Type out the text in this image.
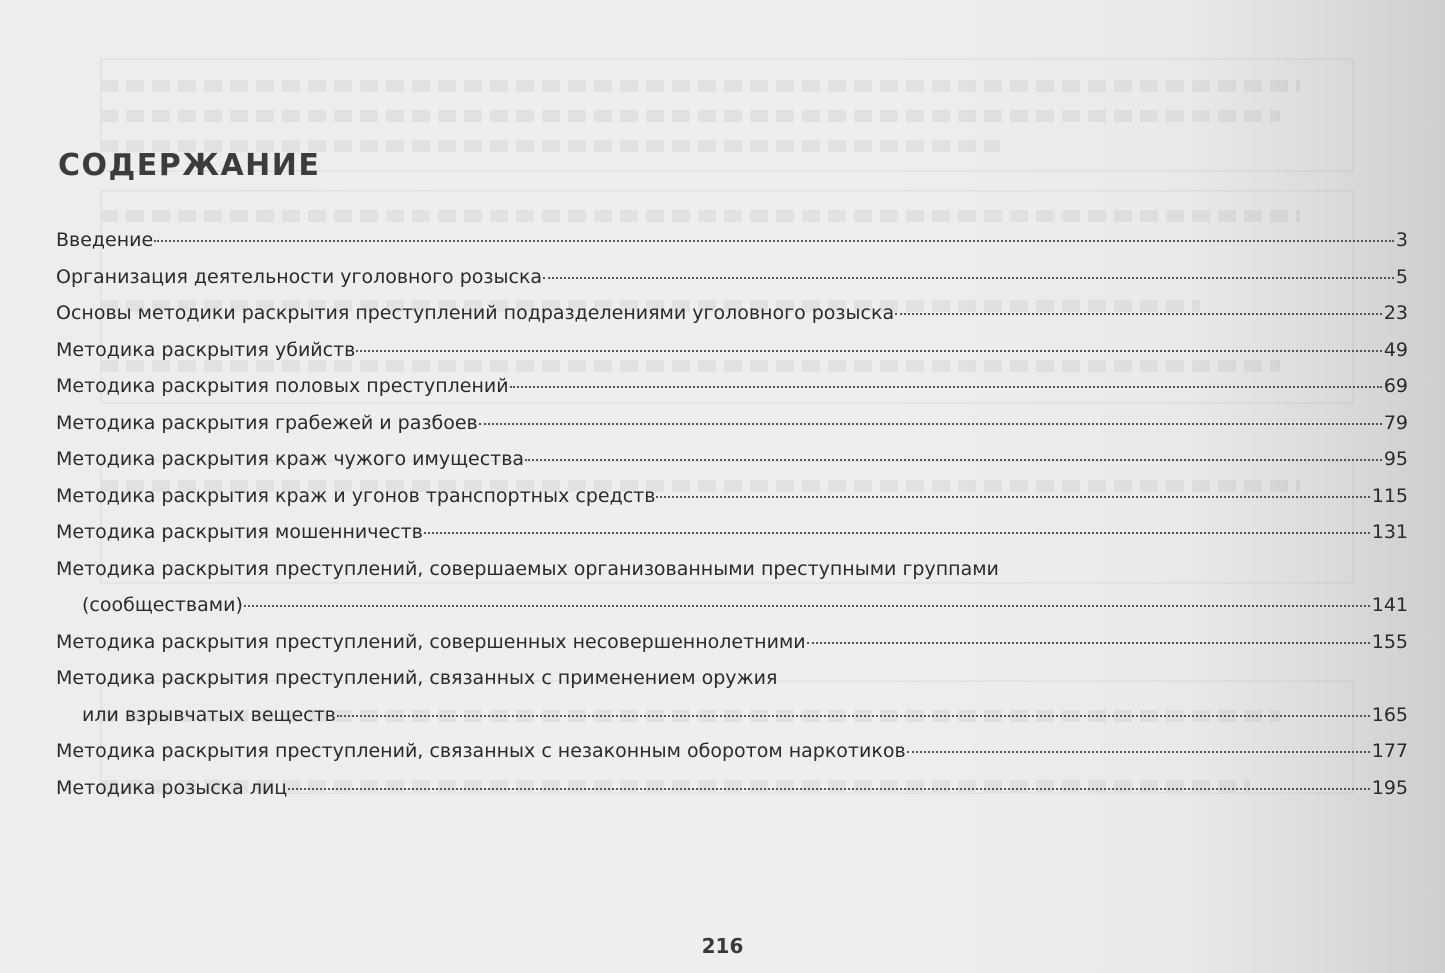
СОДЕРЖАНИЕ
Введение	3
Организация деятельности уголовного розыска	5
Основы методики раскрытия преступлений подразделениями уголовного розыска	23
Методика раскрытия убийств	49
Методика раскрытия половых преступлений	69
Методика раскрытия грабежей и разбоев	79
Методика раскрытия краж чужого имущества	95
Методика раскрытия краж и угонов транспортных средств	115
Методика раскрытия мошенничеств	131
Методика раскрытия преступлений, совершаемых организованными преступными группами
(сообществами)	141
Методика раскрытия преступлений, совершенных несовершеннолетними	155
Методика раскрытия преступлений, связанных с применением оружия
или взрывчатых веществ	165
Методика раскрытия преступлений, связанных с незаконным оборотом наркотиков	177
Методика розыска лиц	195
216
